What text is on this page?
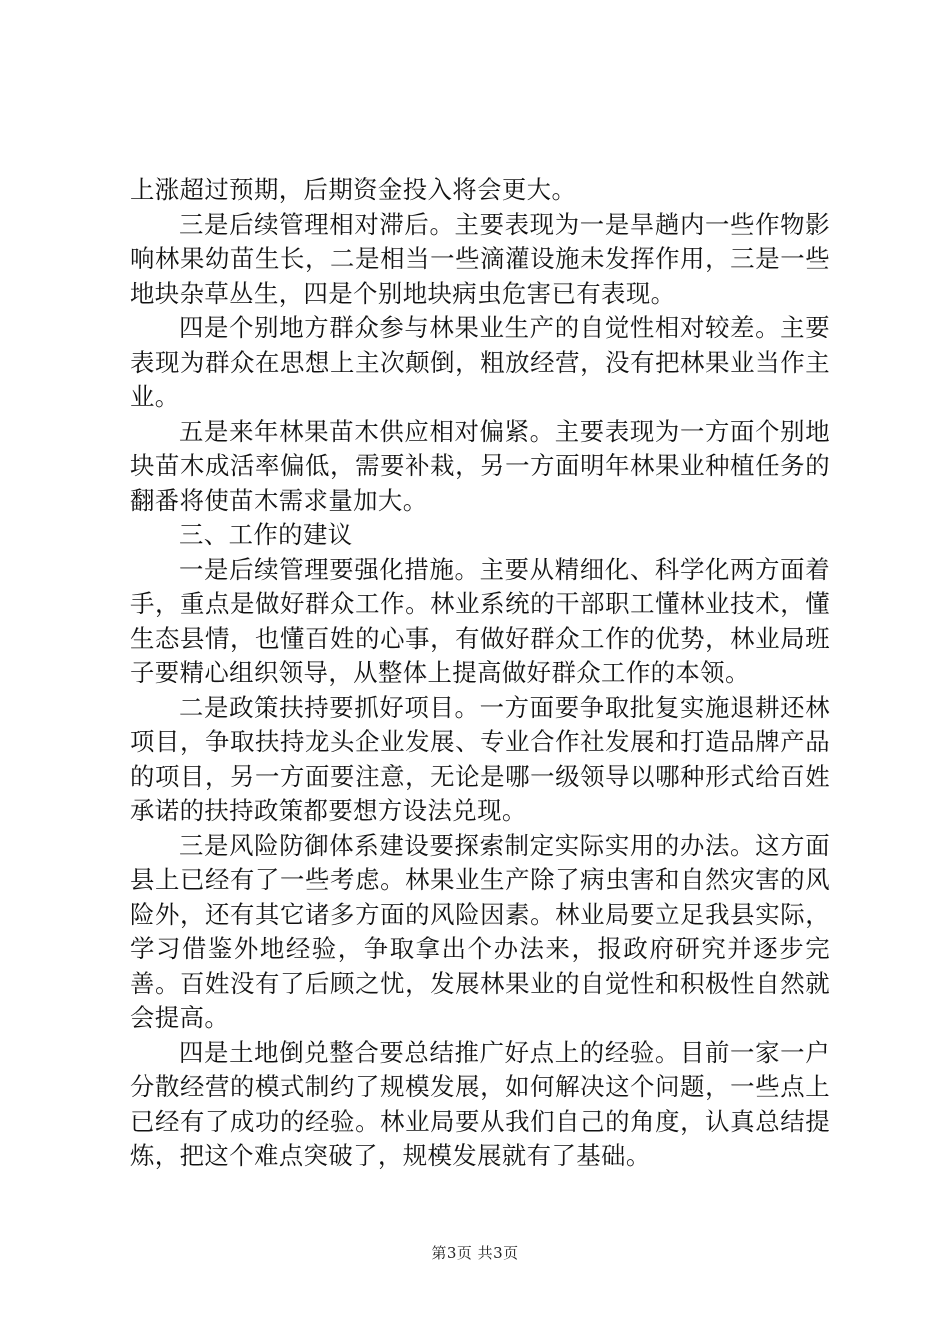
上涨超过预期，后期资金投入将会更大。

三是后续管理相对滞后。主要表现为一是旱趟内一些作物影响林果幼苗生长，二是相当一些滴灌设施未发挥作用，三是一些地块杂草丛生，四是个别地块病虫危害已有表现。

四是个别地方群众参与林果业生产的自觉性相对较差。主要表现为群众在思想上主次颠倒，粗放经营，没有把林果业当作主业。

五是来年林果苗木供应相对偏紧。主要表现为一方面个别地块苗木成活率偏低，需要补栽，另一方面明年林果业种植任务的翻番将使苗木需求量加大。

三、工作的建议

一是后续管理要强化措施。主要从精细化、科学化两方面着手，重点是做好群众工作。林业系统的干部职工懂林业技术，懂生态县情，也懂百姓的心事，有做好群众工作的优势，林业局班子要精心组织领导，从整体上提高做好群众工作的本领。

二是政策扶持要抓好项目。一方面要争取批复实施退耕还林项目，争取扶持龙头企业发展、专业合作社发展和打造品牌产品的项目，另一方面要注意，无论是哪一级领导以哪种形式给百姓承诺的扶持政策都要想方设法兑现。

三是风险防御体系建设要探索制定实际实用的办法。这方面县上已经有了一些考虑。林果业生产除了病虫害和自然灾害的风险外，还有其它诸多方面的风险因素。林业局要立足我县实际，学习借鉴外地经验，争取拿出个办法来，报政府研究并逐步完善。百姓没有了后顾之忧，发展林果业的自觉性和积极性自然就会提高。

四是土地倒兑整合要总结推广好点上的经验。目前一家一户分散经营的模式制约了规模发展，如何解决这个问题，一些点上已经有了成功的经验。林业局要从我们自己的角度，认真总结提炼，把这个难点突破了，规模发展就有了基础。

第3页 共3页
